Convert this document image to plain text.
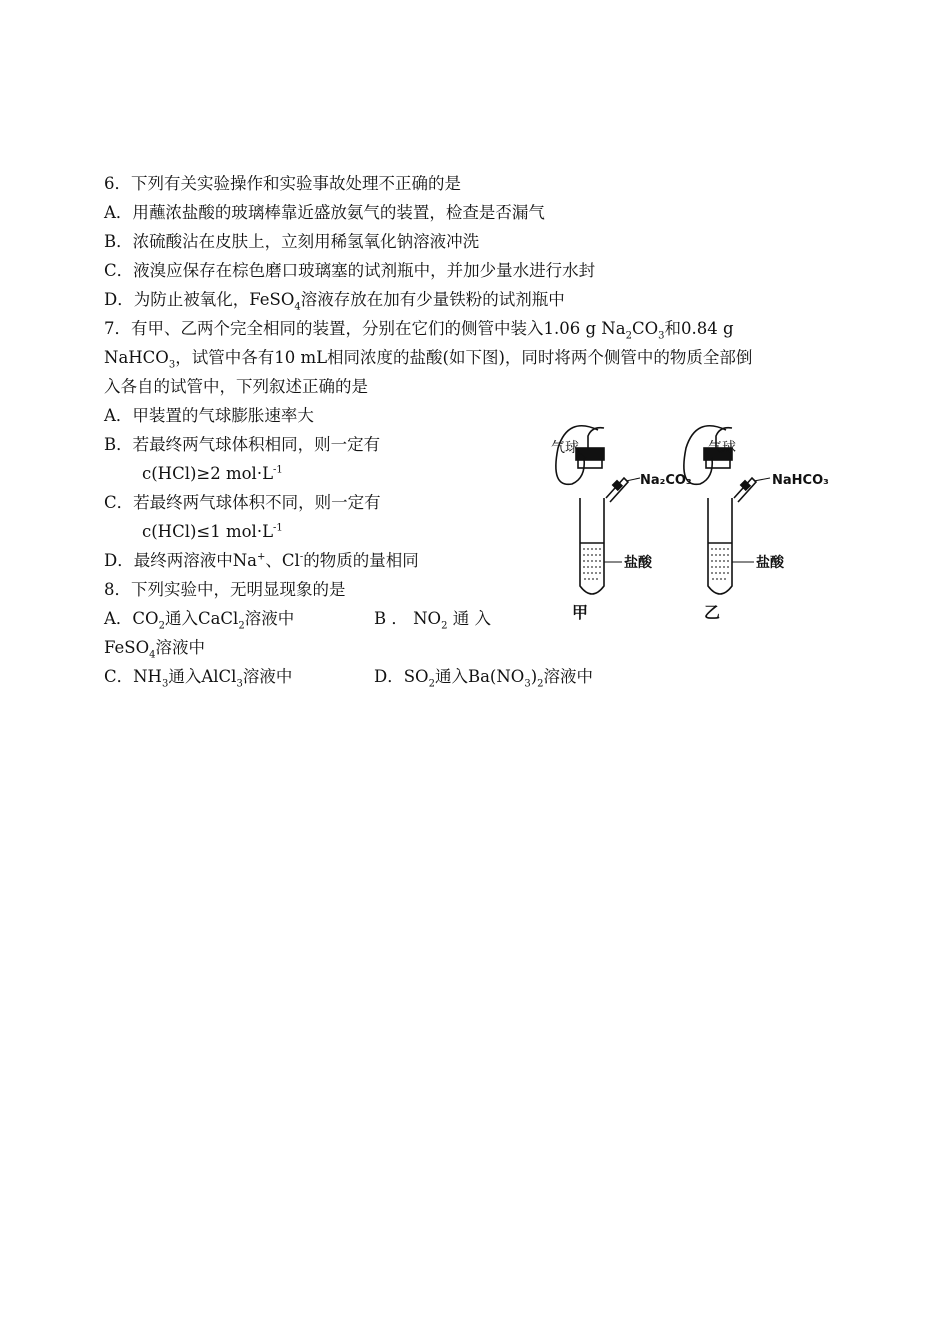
6．下列有关实验操作和实验事故处理不正确的是
A．用蘸浓盐酸的玻璃棒靠近盛放氨气的装置，检查是否漏气
B．浓硫酸沾在皮肤上，立刻用稀氢氧化钠溶液冲洗
C．液溴应保存在棕色磨口玻璃塞的试剂瓶中，并加少量水进行水封
D．为防止被氧化，FeSO$_4$溶液存放在加有少量铁粉的试剂瓶中
7．有甲、乙两个完全相同的装置，分别在它们的侧管中装入1.06 g $Na_2CO_3$和0.84 g
NaHCO$_3$，试管中各有10 mL相同浓度的盐酸(如下图)，同时将两个侧管中的物质全部倒
入各自的试管中，下列叙述正确的是
A．甲装置的气球膨胀速率大
B．若最终两气球体积相同，则一定有
c(HCl)≥2 $mol\cdot L^{-1}$
C．若最终两气球体积不同，则一定有
c(HCl)≤1 $mol\cdot L^{-1}$
D．最终两溶液中Na+、Cl-的物质的量相同
8．下列实验中，无明显现象的是
A．$CO_2$通入CaCl$_2$溶液中	B ． $NO_2$ 通 入
FeSO$_4$溶液中
C．$NH_3$通入AlCl$_3$溶液中	D．$SO_2$通入$Ba(NO_3)_2$溶液中
气球
Na₂CO₃
盐酸
甲
气球
NaHCO₃
盐酸
乙
